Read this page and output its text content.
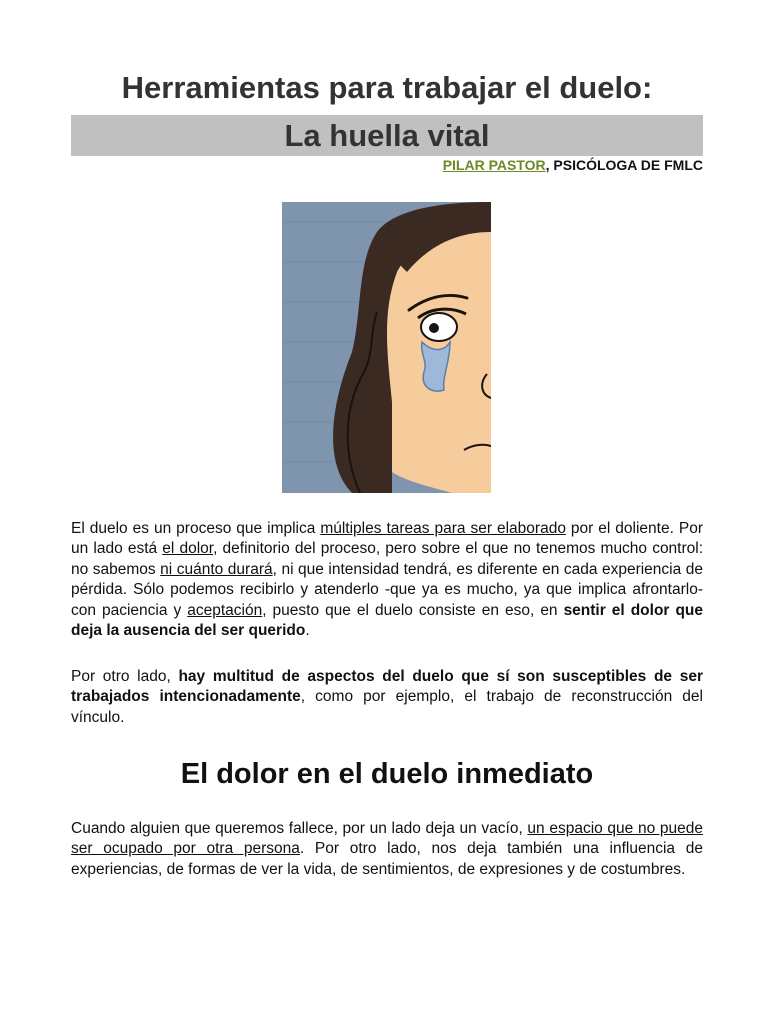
Herramientas para trabajar el duelo:
La huella vital
PILAR PASTOR, PSICÓLOGA DE FMLC

El duelo es un proceso que implica múltiples tareas para ser elaborado por el doliente. Por un lado está el dolor, definitorio del proceso, pero sobre el que no tenemos mucho control: no sabemos ni cuánto durará, ni que intensidad tendrá, es diferente en cada experiencia de pérdida. Sólo podemos recibirlo y atenderlo -que ya es mucho, ya que implica afrontarlo- con paciencia y aceptación, puesto que el duelo consiste en eso, en sentir el dolor que deja la ausencia del ser querido.

Por otro lado, hay multitud de aspectos del duelo que sí son susceptibles de ser trabajados intencionadamente, como por ejemplo, el trabajo de reconstrucción del vínculo.

El dolor en el duelo inmediato

Cuando alguien que queremos fallece, por un lado deja un vacío, un espacio que no puede ser ocupado por otra persona. Por otro lado, nos deja también una influencia de experiencias, de formas de ver la vida, de sentimientos, de expresiones y de costumbres.
